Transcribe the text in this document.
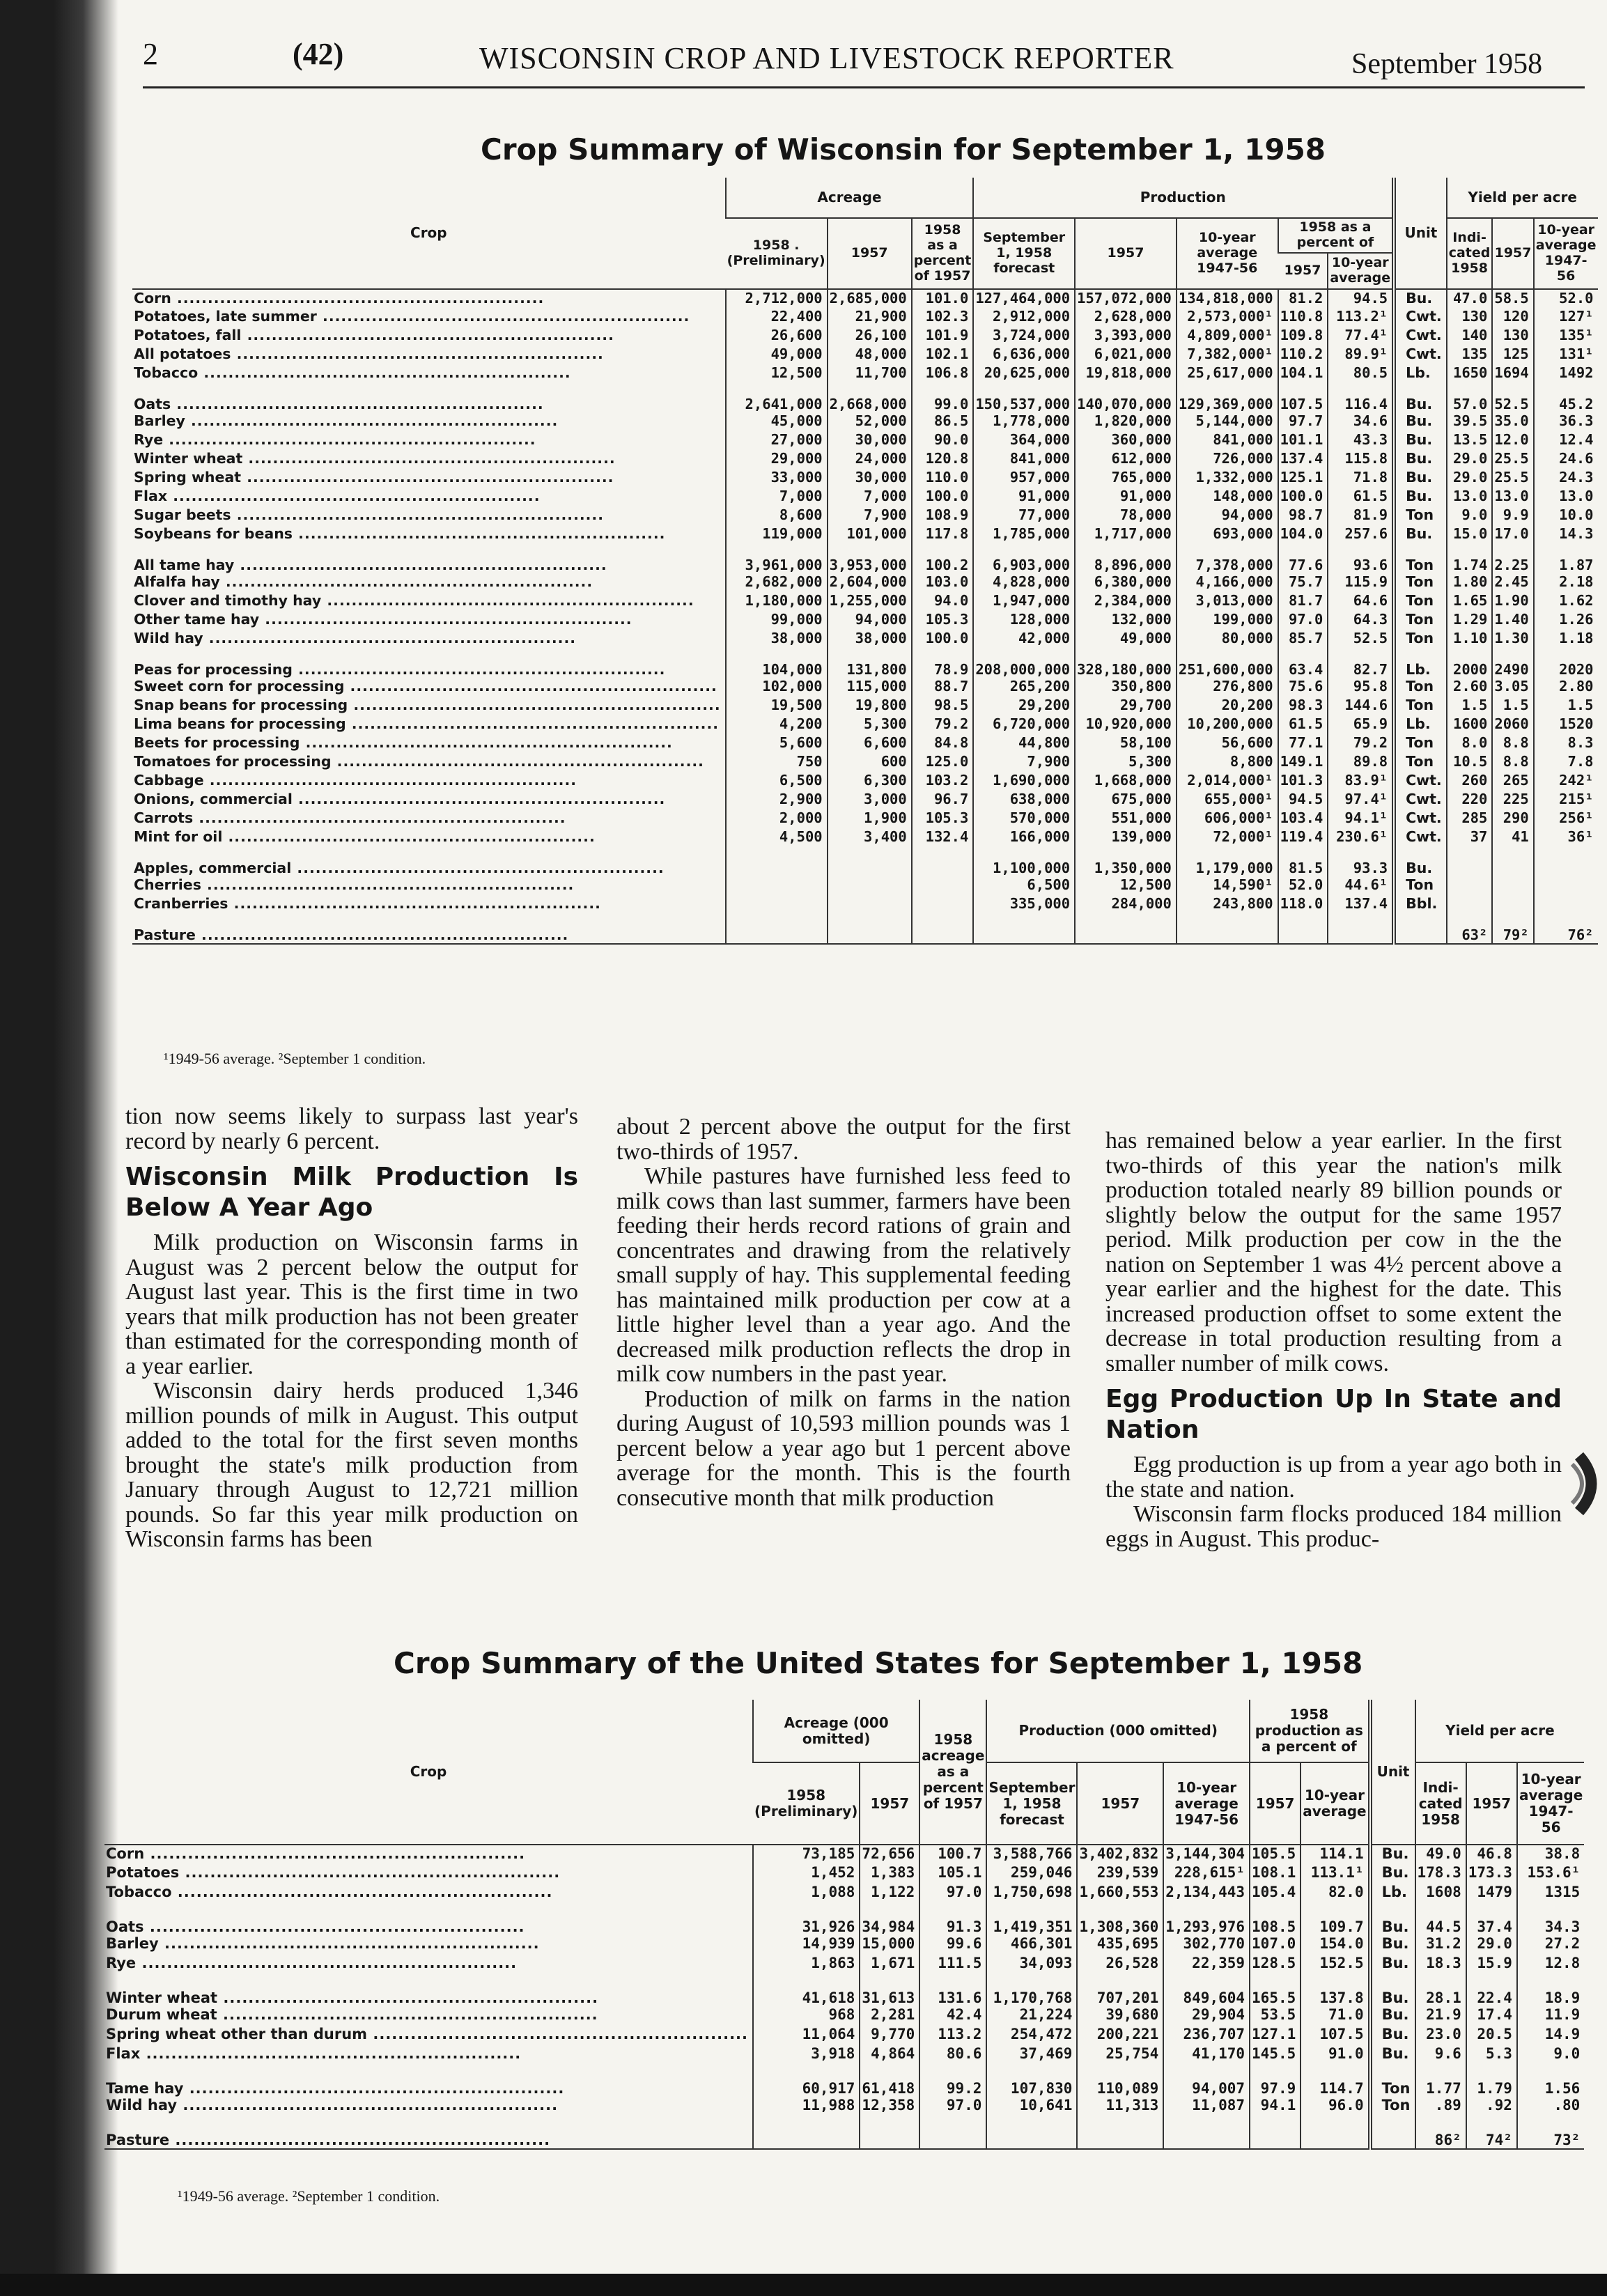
2	(42)	WISCONSIN CROP AND LIVESTOCK REPORTER	September 1958
Crop Summary of Wisconsin for September 1, 1958
Crop	Acreage			Production					Unit	Yield per acre		
	1958 . (Preliminary)	1957	1958 as a percent of 1957	September 1, 1958 forecast	1957	10-year average 1947-56	1958 as a percent of			Indi- cated 1958	1957	10-year average 1947-56
							1957	10-year average				
Corn ............................................................	2,712,000	2,685,000	101.0	127,464,000	157,072,000	134,818,000	81.2	94.5	Bu.	47.0	58.5	52.0
Potatoes, late summer ............................................................	22,400	21,900	102.3	2,912,000	2,628,000	2,573,000¹	110.8	113.2¹	Cwt.	130	120	127¹
Potatoes, fall ............................................................	26,600	26,100	101.9	3,724,000	3,393,000	4,809,000¹	109.8	77.4¹	Cwt.	140	130	135¹
All potatoes ............................................................	49,000	48,000	102.1	6,636,000	6,021,000	7,382,000¹	110.2	89.9¹	Cwt.	135	125	131¹
Tobacco ............................................................	12,500	11,700	106.8	20,625,000	19,818,000	25,617,000	104.1	80.5	Lb.	1650	1694	1492
Oats ............................................................	2,641,000	2,668,000	99.0	150,537,000	140,070,000	129,369,000	107.5	116.4	Bu.	57.0	52.5	45.2
Barley ............................................................	45,000	52,000	86.5	1,778,000	1,820,000	5,144,000	97.7	34.6	Bu.	39.5	35.0	36.3
Rye ............................................................	27,000	30,000	90.0	364,000	360,000	841,000	101.1	43.3	Bu.	13.5	12.0	12.4
Winter wheat ............................................................	29,000	24,000	120.8	841,000	612,000	726,000	137.4	115.8	Bu.	29.0	25.5	24.6
Spring wheat ............................................................	33,000	30,000	110.0	957,000	765,000	1,332,000	125.1	71.8	Bu.	29.0	25.5	24.3
Flax ............................................................	7,000	7,000	100.0	91,000	91,000	148,000	100.0	61.5	Bu.	13.0	13.0	13.0
Sugar beets ............................................................	8,600	7,900	108.9	77,000	78,000	94,000	98.7	81.9	Ton	9.0	9.9	10.0
Soybeans for beans ............................................................	119,000	101,000	117.8	1,785,000	1,717,000	693,000	104.0	257.6	Bu.	15.0	17.0	14.3
All tame hay ............................................................	3,961,000	3,953,000	100.2	6,903,000	8,896,000	7,378,000	77.6	93.6	Ton	1.74	2.25	1.87
Alfalfa hay ............................................................	2,682,000	2,604,000	103.0	4,828,000	6,380,000	4,166,000	75.7	115.9	Ton	1.80	2.45	2.18
Clover and timothy hay ............................................................	1,180,000	1,255,000	94.0	1,947,000	2,384,000	3,013,000	81.7	64.6	Ton	1.65	1.90	1.62
Other tame hay ............................................................	99,000	94,000	105.3	128,000	132,000	199,000	97.0	64.3	Ton	1.29	1.40	1.26
Wild hay ............................................................	38,000	38,000	100.0	42,000	49,000	80,000	85.7	52.5	Ton	1.10	1.30	1.18
Peas for processing ............................................................	104,000	131,800	78.9	208,000,000	328,180,000	251,600,000	63.4	82.7	Lb.	2000	2490	2020
Sweet corn for processing ............................................................	102,000	115,000	88.7	265,200	350,800	276,800	75.6	95.8	Ton	2.60	3.05	2.80
Snap beans for processing ............................................................	19,500	19,800	98.5	29,200	29,700	20,200	98.3	144.6	Ton	1.5	1.5	1.5
Lima beans for processing ............................................................	4,200	5,300	79.2	6,720,000	10,920,000	10,200,000	61.5	65.9	Lb.	1600	2060	1520
Beets for processing ............................................................	5,600	6,600	84.8	44,800	58,100	56,600	77.1	79.2	Ton	8.0	8.8	8.3
Tomatoes for processing ............................................................	750	600	125.0	7,900	5,300	8,800	149.1	89.8	Ton	10.5	8.8	7.8
Cabbage ............................................................	6,500	6,300	103.2	1,690,000	1,668,000	2,014,000¹	101.3	83.9¹	Cwt.	260	265	242¹
Onions, commercial ............................................................	2,900	3,000	96.7	638,000	675,000	655,000¹	94.5	97.4¹	Cwt.	220	225	215¹
Carrots ............................................................	2,000	1,900	105.3	570,000	551,000	606,000¹	103.4	94.1¹	Cwt.	285	290	256¹
Mint for oil ............................................................	4,500	3,400	132.4	166,000	139,000	72,000¹	119.4	230.6¹	Cwt.	37	41	36¹
Apples, commercial ............................................................				1,100,000	1,350,000	1,179,000	81.5	93.3	Bu.			
Cherries ............................................................				6,500	12,500	14,590¹	52.0	44.6¹	Ton			
Cranberries ............................................................				335,000	284,000	243,800	118.0	137.4	Bbl.			
Pasture ............................................................										63²	79²	76²
¹1949-56 average. ²September 1 condition.

tion now seems likely to surpass last year's record by nearly 6 percent.

Wisconsin Milk Production Is Below A Year Ago

Milk production on Wisconsin farms in August was 2 percent below the output for August last year. This is the first time in two years that milk production has not been greater than estimated for the corresponding month of a year earlier.

Wisconsin dairy herds produced 1,346 million pounds of milk in August. This output added to the total for the first seven months brought the state's milk production from January through August to 12,721 million pounds. So far this year milk production on Wisconsin farms has been

about 2 percent above the output for the first two-thirds of 1957.

While pastures have furnished less feed to milk cows than last summer, farmers have been feeding their herds record rations of grain and concentrates and drawing from the relatively small supply of hay. This supplemental feeding has maintained milk production per cow at a little higher level than a year ago. And the decreased milk production reflects the drop in milk cow numbers in the past year.

Production of milk on farms in the nation during August of 10,593 million pounds was 1 percent below a year ago but 1 percent above average for the month. This is the fourth consecutive month that milk production

has remained below a year earlier. In the first two-thirds of this year the nation's milk production totaled nearly 89 billion pounds or slightly below the output for the same 1957 period. Milk production per cow in the the nation on September 1 was 4½ percent above a year earlier and the highest for the date. This increased production offset to some extent the decrease in total production resulting from a smaller number of milk cows.

Egg Production Up In State and Nation

Egg production is up from a year ago both in the state and nation.

Wisconsin farm flocks produced 184 million eggs in August. This produc-

Crop Summary of the United States for September 1, 1958
Crop	Acreage (000 omitted)		1958 acreage as a percent of 1957	Production (000 omitted)			1958 production as a percent of		Unit	Yield per acre		
	1958 (Preliminary)	1957		September 1, 1958 forecast	1957	10-year average 1947-56	1957	10-year average		Indi- cated 1958	1957	10-year average 1947-56
Corn ............................................................	73,185	72,656	100.7	3,588,766	3,402,832	3,144,304	105.5	114.1	Bu.	49.0	46.8	38.8
Potatoes ............................................................	1,452	1,383	105.1	259,046	239,539	228,615¹	108.1	113.1¹	Bu.	178.3	173.3	153.6¹
Tobacco ............................................................	1,088	1,122	97.0	1,750,698	1,660,553	2,134,443	105.4	82.0	Lb.	1608	1479	1315
Oats ............................................................	31,926	34,984	91.3	1,419,351	1,308,360	1,293,976	108.5	109.7	Bu.	44.5	37.4	34.3
Barley ............................................................	14,939	15,000	99.6	466,301	435,695	302,770	107.0	154.0	Bu.	31.2	29.0	27.2
Rye ............................................................	1,863	1,671	111.5	34,093	26,528	22,359	128.5	152.5	Bu.	18.3	15.9	12.8
Winter wheat ............................................................	41,618	31,613	131.6	1,170,768	707,201	849,604	165.5	137.8	Bu.	28.1	22.4	18.9
Durum wheat ............................................................	968	2,281	42.4	21,224	39,680	29,904	53.5	71.0	Bu.	21.9	17.4	11.9
Spring wheat other than durum ............................................................	11,064	9,770	113.2	254,472	200,221	236,707	127.1	107.5	Bu.	23.0	20.5	14.9
Flax ............................................................	3,918	4,864	80.6	37,469	25,754	41,170	145.5	91.0	Bu.	9.6	5.3	9.0
Tame hay ............................................................	60,917	61,418	99.2	107,830	110,089	94,007	97.9	114.7	Ton	1.77	1.79	1.56
Wild hay ............................................................	11,988	12,358	97.0	10,641	11,313	11,087	94.1	96.0	Ton	.89	.92	.80
Pasture ............................................................										86²	74²	73²
¹1949-56 average. ²September 1 condition.
